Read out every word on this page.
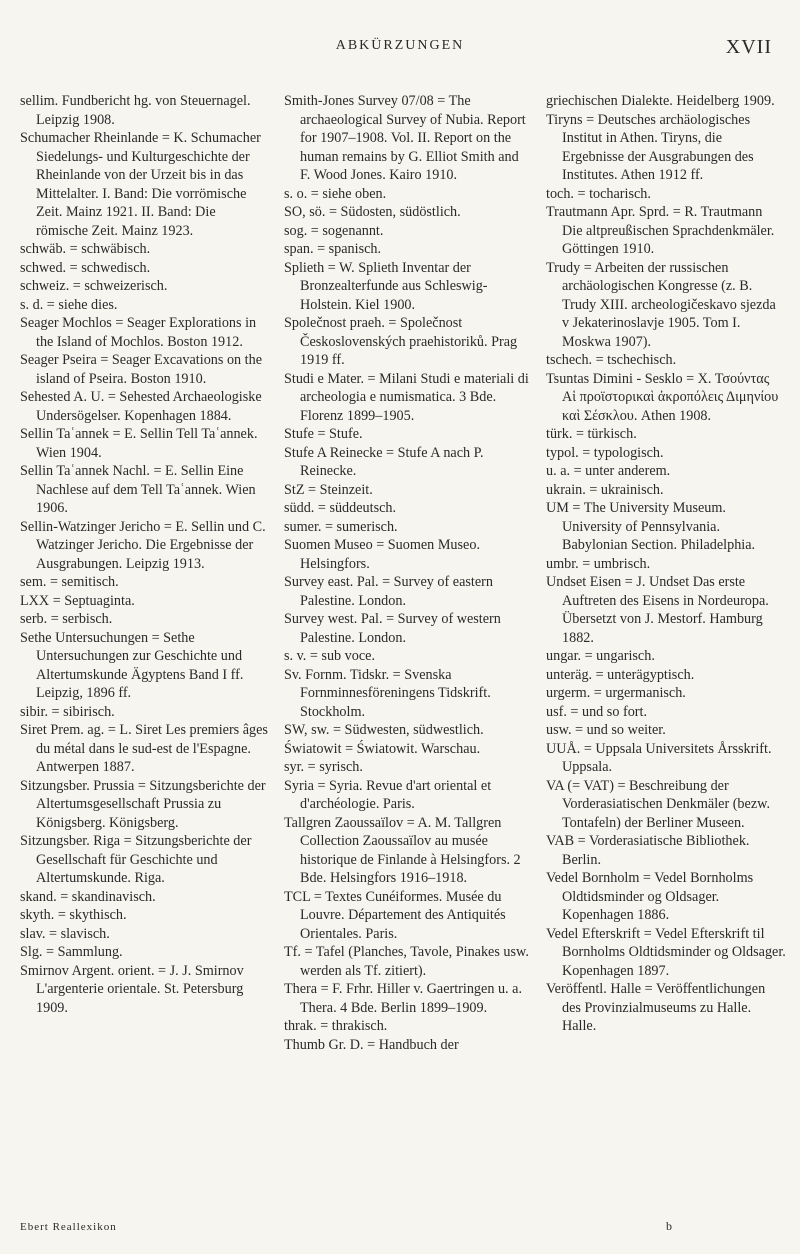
ABKÜRZUNGEN	XVII

sellim. Fundbericht hg. von Steuernagel. Leipzig 1908.

Schumacher Rheinlande = K. Schumacher Siedelungs- und Kulturgeschichte der Rheinlande von der Urzeit bis in das Mittelalter. I. Band: Die vorrömische Zeit. Mainz 1921. II. Band: Die römische Zeit. Mainz 1923.

schwäb. = schwäbisch.

schwed. = schwedisch.

schweiz. = schweizerisch.

s. d. = siehe dies.

Seager Mochlos = Seager Explorations in the Island of Mochlos. Boston 1912.

Seager Pseira = Seager Excavations on the island of Pseira. Boston 1910.

Sehested A. U. = Sehested Archaeologiske Undersögelser. Kopenhagen 1884.

Sellin Taʿannek = E. Sellin Tell Taʿannek. Wien 1904.

Sellin Taʿannek Nachl. = E. Sellin Eine Nachlese auf dem Tell Taʿannek. Wien 1906.

Sellin-Watzinger Jericho = E. Sellin und C. Watzinger Jericho. Die Ergebnisse der Ausgrabungen. Leipzig 1913.

sem. = semitisch.

LXX = Septuaginta.

serb. = serbisch.

Sethe Untersuchungen = Sethe Untersuchungen zur Geschichte und Altertumskunde Ägyptens Band I ff. Leipzig, 1896 ff.

sibir. = sibirisch.

Siret Prem. ag. = L. Siret Les premiers âges du métal dans le sud-est de l'Espagne. Antwerpen 1887.

Sitzungsber. Prussia = Sitzungsberichte der Altertumsgesellschaft Prussia zu Königsberg. Königsberg.

Sitzungsber. Riga = Sitzungsberichte der Gesellschaft für Geschichte und Altertumskunde. Riga.

skand. = skandinavisch.

skyth. = skythisch.

slav. = slavisch.

Slg. = Sammlung.

Smirnov Argent. orient. = J. J. Smirnov L'argenterie orientale. St. Petersburg 1909.

Smith-Jones Survey 07/08 = The archaeological Survey of Nubia. Report for 1907–1908. Vol. II. Report on the human remains by G. Elliot Smith and F. Wood Jones. Kairo 1910.

s. o. = siehe oben.

SO, sö. = Südosten, südöstlich.

sog. = sogenannt.

span. = spanisch.

Splieth = W. Splieth Inventar der Bronzealterfunde aus Schleswig-Holstein. Kiel 1900.

Společnost praeh. = Společnost Československých praehistoriků. Prag 1919 ff.

Studi e Mater. = Milani Studi e materiali di archeologia e numismatica. 3 Bde. Florenz 1899–1905.

Stufe = Stufe.

Stufe A Reinecke = Stufe A nach P. Reinecke.

StZ = Steinzeit.

südd. = süddeutsch.

sumer. = sumerisch.

Suomen Museo = Suomen Museo. Helsingfors.

Survey east. Pal. = Survey of eastern Palestine. London.

Survey west. Pal. = Survey of western Palestine. London.

s. v. = sub voce.

Sv. Fornm. Tidskr. = Svenska Fornminnesföreningens Tidskrift. Stockholm.

SW, sw. = Südwesten, südwestlich.

Światowit = Światowit. Warschau.

syr. = syrisch.

Syria = Syria. Revue d'art oriental et d'archéologie. Paris.

Tallgren Zaoussaïlov = A. M. Tallgren Collection Zaoussaïlov au musée historique de Finlande à Helsingfors. 2 Bde. Helsingfors 1916–1918.

TCL = Textes Cunéiformes. Musée du Louvre. Département des Antiquités Orientales. Paris.

Tf. = Tafel (Planches, Tavole, Pinakes usw. werden als Tf. zitiert).

Thera = F. Frhr. Hiller v. Gaertringen u. a. Thera. 4 Bde. Berlin 1899–1909.

thrak. = thrakisch.

Thumb Gr. D. = Handbuch der

griechischen Dialekte. Heidelberg 1909.

Tiryns = Deutsches archäologisches Institut in Athen. Tiryns, die Ergebnisse der Ausgrabungen des Institutes. Athen 1912 ff.

toch. = tocharisch.

Trautmann Apr. Sprd. = R. Trautmann Die altpreußischen Sprachdenkmäler. Göttingen 1910.

Trudy = Arbeiten der russischen archäologischen Kongresse (z. B. Trudy XIII. archeologičeskavo sjezda v Jekaterinoslavje 1905. Tom I. Moskwa 1907).

tschech. = tschechisch.

Tsuntas Dimini - Sesklo = Χ. Τσούντας Αἱ προϊστορικαὶ ἀκροπόλεις Διμηνίου καὶ Σέσκλου. Athen 1908.

türk. = türkisch.

typol. = typologisch.

u. a. = unter anderem.

ukrain. = ukrainisch.

UM = The University Museum. University of Pennsylvania. Babylonian Section. Philadelphia.

umbr. = umbrisch.

Undset Eisen = J. Undset Das erste Auftreten des Eisens in Nordeuropa. Übersetzt von J. Mestorf. Hamburg 1882.

ungar. = ungarisch.

unteräg. = unterägyptisch.

urgerm. = urgermanisch.

usf. = und so fort.

usw. = und so weiter.

UUÅ. = Uppsala Universitets Årsskrift. Uppsala.

VA (= VAT) = Beschreibung der Vorderasiatischen Denkmäler (bezw. Tontafeln) der Berliner Museen.

VAB = Vorderasiatische Bibliothek. Berlin.

Vedel Bornholm = Vedel Bornholms Oldtidsminder og Oldsager. Kopenhagen 1886.

Vedel Efterskrift = Vedel Efterskrift til Bornholms Oldtidsminder og Oldsager. Kopenhagen 1897.

Veröffentl. Halle = Veröffentlichungen des Provinzialmuseums zu Halle. Halle.

Ebert Reallexikon	b
